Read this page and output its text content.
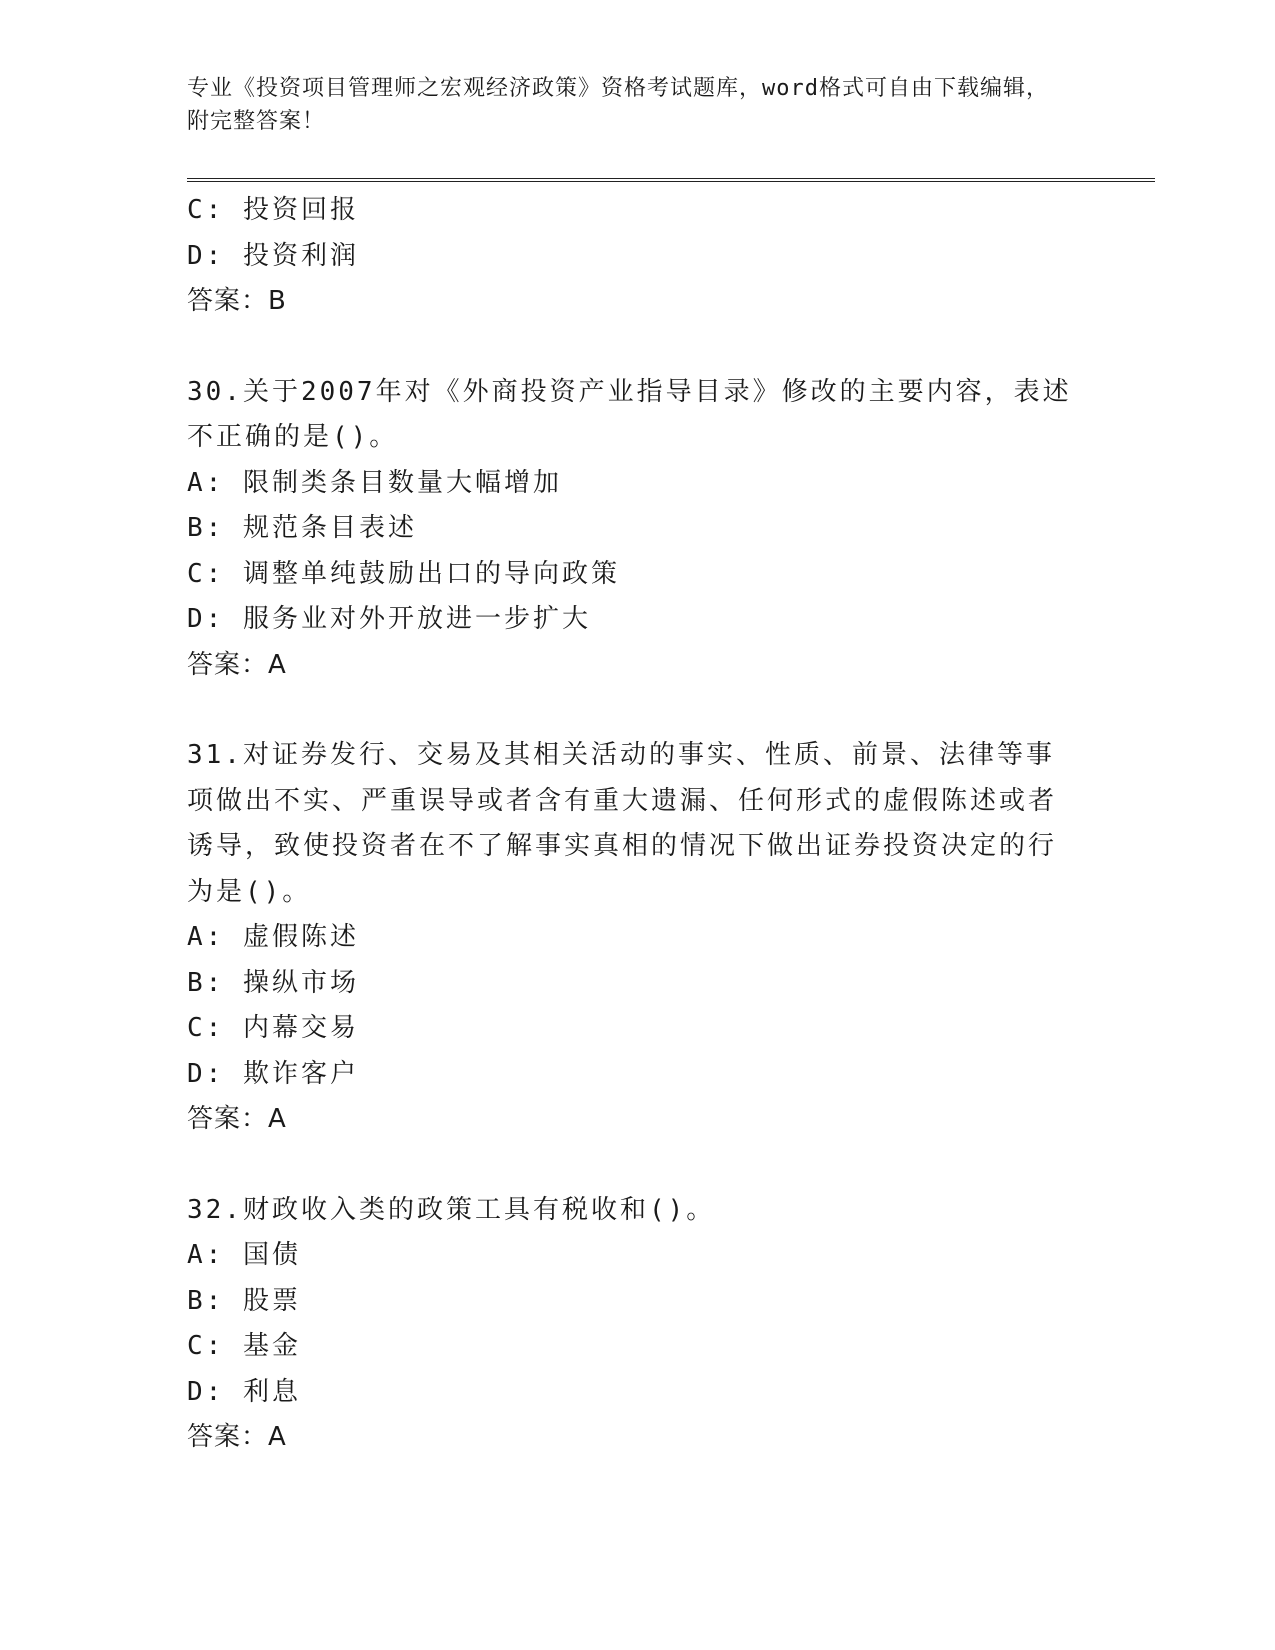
专业《投资项目管理师之宏观经济政策》资格考试题库，word格式可自由下载编辑，附完整答案！
C: 投资回报
D: 投资利润
答案：B
30.关于2007年对《外商投资产业指导目录》修改的主要内容，表述不正确的是()。
A: 限制类条目数量大幅增加
B: 规范条目表述
C: 调整单纯鼓励出口的导向政策
D: 服务业对外开放进一步扩大
答案：A
31.对证券发行、交易及其相关活动的事实、性质、前景、法律等事项做出不实、严重误导或者含有重大遗漏、任何形式的虚假陈述或者诱导，致使投资者在不了解事实真相的情况下做出证券投资决定的行为是()。
A: 虚假陈述
B: 操纵市场
C: 内幕交易
D: 欺诈客户
答案：A
32.财政收入类的政策工具有税收和()。
A: 国债
B: 股票
C: 基金
D: 利息
答案：A
